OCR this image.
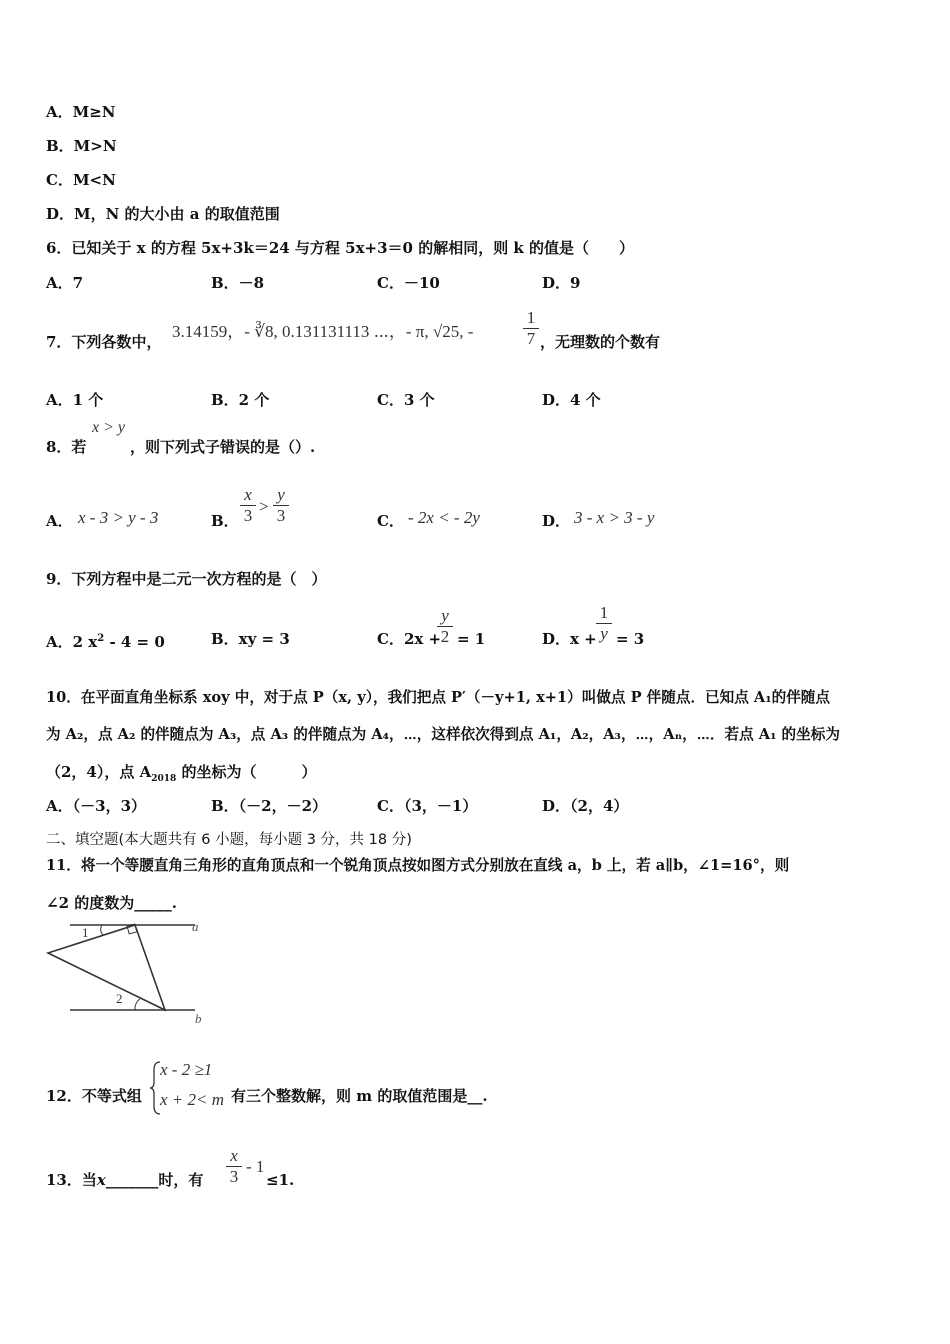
A．M≥N
B．M>N
C．M<N
D．M，N 的大小由 a 的取值范围
6．已知关于 x 的方程 5x+3k＝24 与方程 5x+3＝0 的解相同，则 k 的值是（　　）
A．7	B．－8	C．－10	D．9
7．下列各数中，
3.14159，- ∛8, 0.131131113 ⋯，- π, √25, -	$\frac{1}{7}$ ，无理数的个数有
A．1 个	B．2 个	C．3 个	D．4 个
8．若
x > y
，则下列式子错误的是（）.
A． x - 3 > y - 3	B． $\frac{x}{3} > \frac{y}{3}$	C． - 2x < - 2y	D． 3 - x > 3 - y
9．下列方程中是二元一次方程的是（　）
A．2 $x^2 - 4 = 0$	B．xy = 3	C．2x +
$\frac{y}{2} = 1$	D．$x + \frac{1}{y} = 3$
10．在平面直角坐标系 xoy 中，对于点 P（x, y），我们把点 P′（－y+1, x+1）叫做点 P 伴随点．已知点 A₁的伴随点
为 A₂，点 A₂ 的伴随点为 A₃，点 A₃ 的伴随点为 A₄，⋯，这样依次得到点 A₁，A₂，A₃，⋯，Aₙ，⋯．若点 A₁ 的坐标为
（2，4），点 $A_{2018}$ 的坐标为（　　　）
A．（－3，3）	B．（－2，－2）	C．（3，－1）	D．（2，4）
二、填空题(本大题共有 6 小题，每小题 3 分，共 18 分)
11．将一个等腰直角三角形的直角顶点和一个锐角顶点按如图方式分别放在直线 a，b 上，若 a∥b，∠1=16°，则
∠2 的度数为_____.
1
2
a
b
12．不等式组
x - 2 ≥1
x + 2< m 有三个整数解，则 m 的取值范围是__.
13．当x_______时，有 $\frac{x}{3} - 1$
≤1.
